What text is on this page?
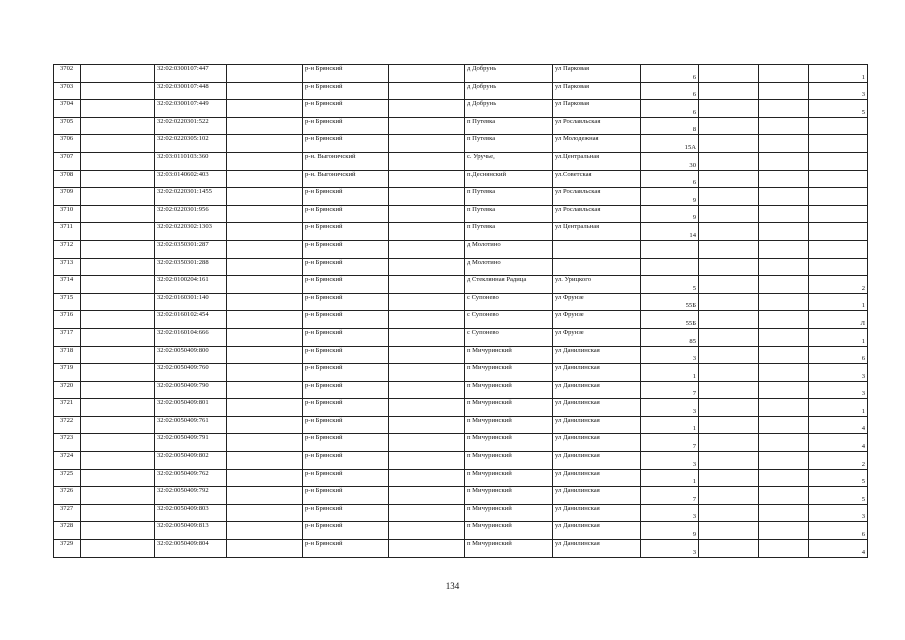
3702		32:02:0300107:447		р-н Брянский		д Добрунь	ул Парковая	6			1
3703		32:02:0300107:448		р-н Брянский		д Добрунь	ул Парковая	6			3
3704		32:02:0300107:449		р-н Брянский		д Добрунь	ул Парковая	6			5
3705		32:02:0220301:522		р-н Брянский		п Путевка	ул Рославльская	8			
3706		32:02:0220305:102		р-н Брянский		п Путевка	ул Молодежная	15А			
3707		32:03:0110103:360		р-н. Выгоничский		с. Уручье,	ул.Центральная	30			
3708		32:03:0140602:403		р-н. Выгоничский		п.Деснянский	ул.Советская	6			
3709		32:02:0220301:1455		р-н Брянский		п Путевка	ул Рославльская	9			
3710		32:02:0220301:956		р-н Брянский		п Путевка	ул Рославльская	9			
3711		32:02:0220302:1303		р-н Брянский		п Путевка	ул Центральная	14			
3712		32:02:0350301:287		р-н Брянский		д Молотино					
3713		32:02:0350301:288		р-н Брянский		д Молотино					
3714		32:02:0100204:161		р-н Брянский		д Стеклянная Радица	ул. Урицкого	5			2
3715		32:02:0160301:140		р-н Брянский		с Супонево	ул Фрунзе	55Б			1
3716		32:02:0160102:454		р-н Брянский		с Супонево	ул Фрунзе	55Б			Л
3717		32:02:0160104:666		р-н Брянский		с Супонево	ул Фрунзе	85			1
3718		32:02:0050409:800		р-н Брянский		п Мичуринский	ул Данилинская	3			6
3719		32:02:0050409:760		р-н Брянский		п Мичуринский	ул Данилинская	1			3
3720		32:02:0050409:790		р-н Брянский		п Мичуринский	ул Данилинская	7			3
3721		32:02:0050409:801		р-н Брянский		п Мичуринский	ул Данилинская	3			1
3722		32:02:0050409:761		р-н Брянский		п Мичуринский	ул Данилинская	1			4
3723		32:02:0050409:791		р-н Брянский		п Мичуринский	ул Данилинская	7			4
3724		32:02:0050409:802		р-н Брянский		п Мичуринский	ул Данилинская	3			2
3725		32:02:0050409:762		р-н Брянский		п Мичуринский	ул Данилинская	1			5
3726		32:02:0050409:792		р-н Брянский		п Мичуринский	ул Данилинская	7			5
3727		32:02:0050409:803		р-н Брянский		п Мичуринский	ул Данилинская	3			3
3728		32:02:0050409:813		р-н Брянский		п Мичуринский	ул Данилинская	9			6
3729		32:02:0050409:804		р-н Брянский		п Мичуринский	ул Данилинская	3			4
134
